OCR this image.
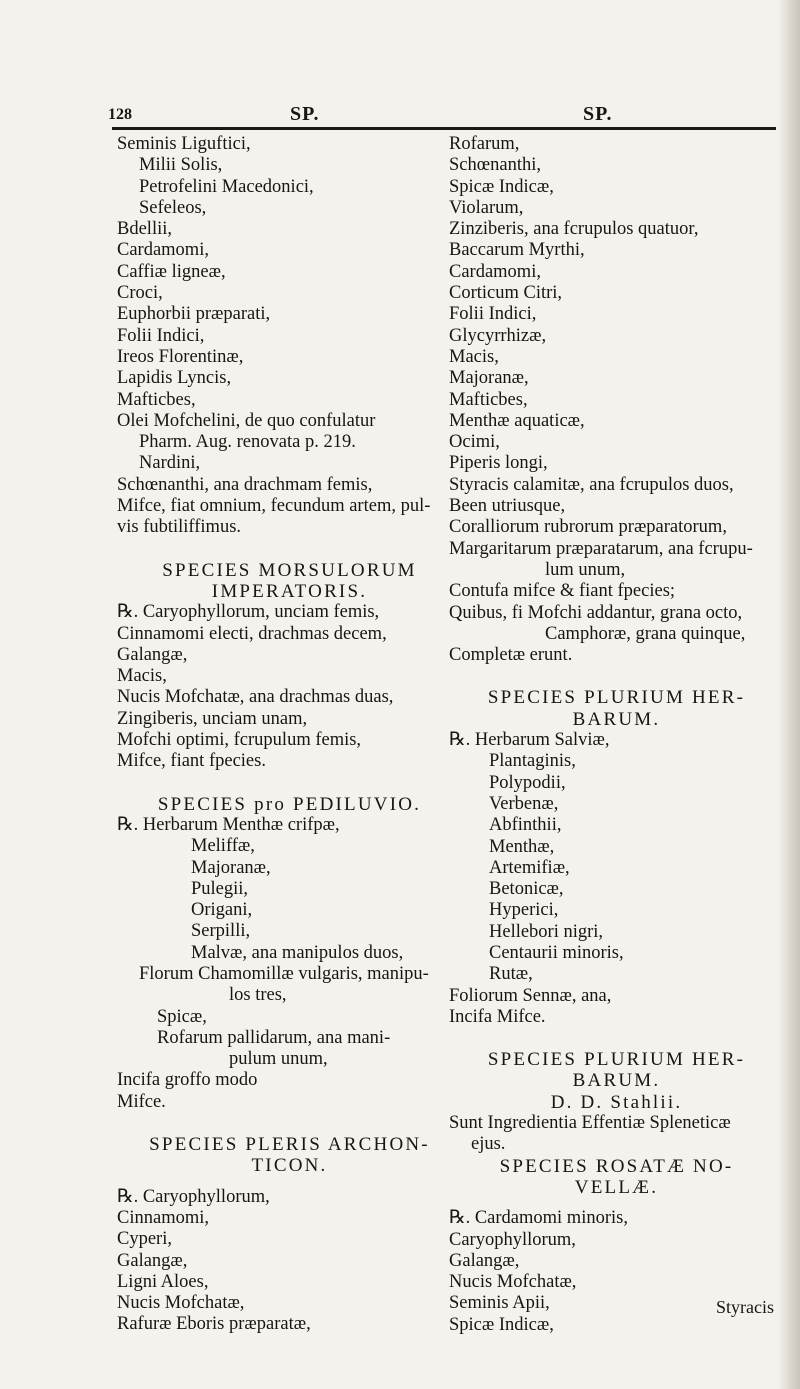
128	SP.	SP.
Seminis Liguftici,
Milii Solis,
Petrofelini Macedonici,
Sefeleos,
Bdellii,
Cardamomi,
Caffiæ ligneæ,
Croci,
Euphorbii præparati,
Folii Indici,
Ireos Florentinæ,
Lapidis Lyncis,
Mafticbes,
Olei Mofchelini, de quo confulatur
Pharm. Aug. renovata p. 219.
Nardini,
Schœnanthi, ana drachmam femis,
Mifce, fiat omnium, fecundum artem, pul-
vis fubtiliffimus.
SPECIES MORSULORUM
IMPERATORIS.
℞. Caryophyllorum, unciam femis,
Cinnamomi electi, drachmas decem,
Galangæ,
Macis,
Nucis Mofchatæ, ana drachmas duas,
Zingiberis, unciam unam,
Mofchi optimi, fcrupulum femis,
Mifce, fiant fpecies.
SPECIES pro PEDILUVIO.
℞. Herbarum Menthæ crifpæ,
Meliffæ,
Majoranæ,
Pulegii,
Origani,
Serpilli,
Malvæ, ana manipulos duos,
Florum Chamomillæ vulgaris, manipu-
los tres,
Spicæ,
Rofarum pallidarum, ana mani-
pulum unum,
Incifa groffo modo
Mifce.
SPECIES PLERIS ARCHON-
TICON.
℞. Caryophyllorum,
Cinnamomi,
Cyperi,
Galangæ,
Ligni Aloes,
Nucis Mofchatæ,
Rafuræ Eboris præparatæ,
Rofarum,
Schœnanthi,
Spicæ Indicæ,
Violarum,
Zinziberis, ana fcrupulos quatuor,
Baccarum Myrthi,
Cardamomi,
Corticum Citri,
Folii Indici,
Glycyrrhizæ,
Macis,
Majoranæ,
Mafticbes,
Menthæ aquaticæ,
Ocimi,
Piperis longi,
Styracis calamitæ, ana fcrupulos duos,
Been utriusque,
Coralliorum rubrorum præparatorum,
Margaritarum præparatarum, ana fcrupu-
lum unum,
Contufa mifce & fiant fpecies;
Quibus, fi Mofchi addantur, grana octo,
Camphoræ, grana quinque,
Completæ erunt.
SPECIES PLURIUM HER-
BARUM.
℞. Herbarum Salviæ,
Plantaginis,
Polypodii,
Verbenæ,
Abfinthii,
Menthæ,
Artemifiæ,
Betonicæ,
Hyperici,
Hellebori nigri,
Centaurii minoris,
Rutæ,
Foliorum Sennæ, ana,
Incifa Mifce.
SPECIES PLURIUM HER-
BARUM.
D. D. Stahlii.
Sunt Ingredientia Effentiæ Spleneticæ
ejus.
SPECIES ROSATÆ NO-
VELLÆ.
℞. Cardamomi minoris,
Caryophyllorum,
Galangæ,
Nucis Mofchatæ,
Seminis Apii,
Spicæ Indicæ,
Styracis
